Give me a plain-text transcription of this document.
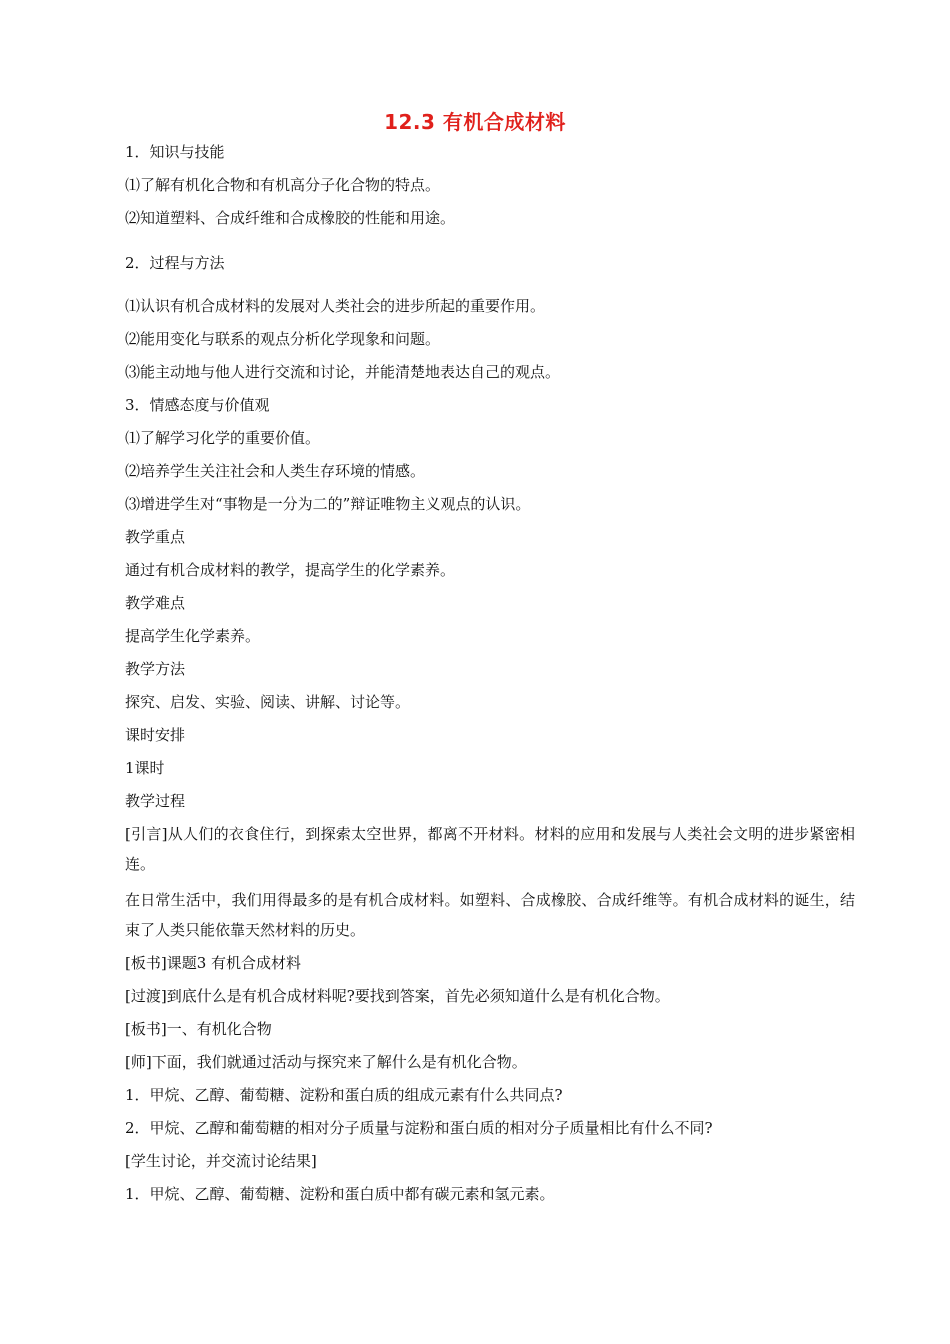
12.3 有机合成材料

1．知识与技能

⑴了解有机化合物和有机高分子化合物的特点。

⑵知道塑料、合成纤维和合成橡胶的性能和用途。

2．过程与方法

⑴认识有机合成材料的发展对人类社会的进步所起的重要作用。

⑵能用变化与联系的观点分析化学现象和问题。

⑶能主动地与他人进行交流和讨论，并能清楚地表达自己的观点。

3．情感态度与价值观

⑴了解学习化学的重要价值。

⑵培养学生关注社会和人类生存环境的情感。

⑶增进学生对“事物是一分为二的”辩证唯物主义观点的认识。

教学重点

通过有机合成材料的教学，提高学生的化学素养。

教学难点

提高学生化学素养。

教学方法

探究、启发、实验、阅读、讲解、讨论等。

课时安排

1课时

教学过程

[引言]从人们的衣食住行，到探索太空世界，都离不开材料。材料的应用和发展与人类社会文明的进步紧密相连。

在日常生活中，我们用得最多的是有机合成材料。如塑料、合成橡胶、合成纤维等。有机合成材料的诞生，结束了人类只能依靠天然材料的历史。

[板书]课题3 有机合成材料

[过渡]到底什么是有机合成材料呢?要找到答案，首先必须知道什么是有机化合物。

[板书]一、有机化合物

[师]下面，我们就通过活动与探究来了解什么是有机化合物。

1．甲烷、乙醇、葡萄糖、淀粉和蛋白质的组成元素有什么共同点?

2．甲烷、乙醇和葡萄糖的相对分子质量与淀粉和蛋白质的相对分子质量相比有什么不同?

[学生讨论，并交流讨论结果]

1．甲烷、乙醇、葡萄糖、淀粉和蛋白质中都有碳元素和氢元素。
